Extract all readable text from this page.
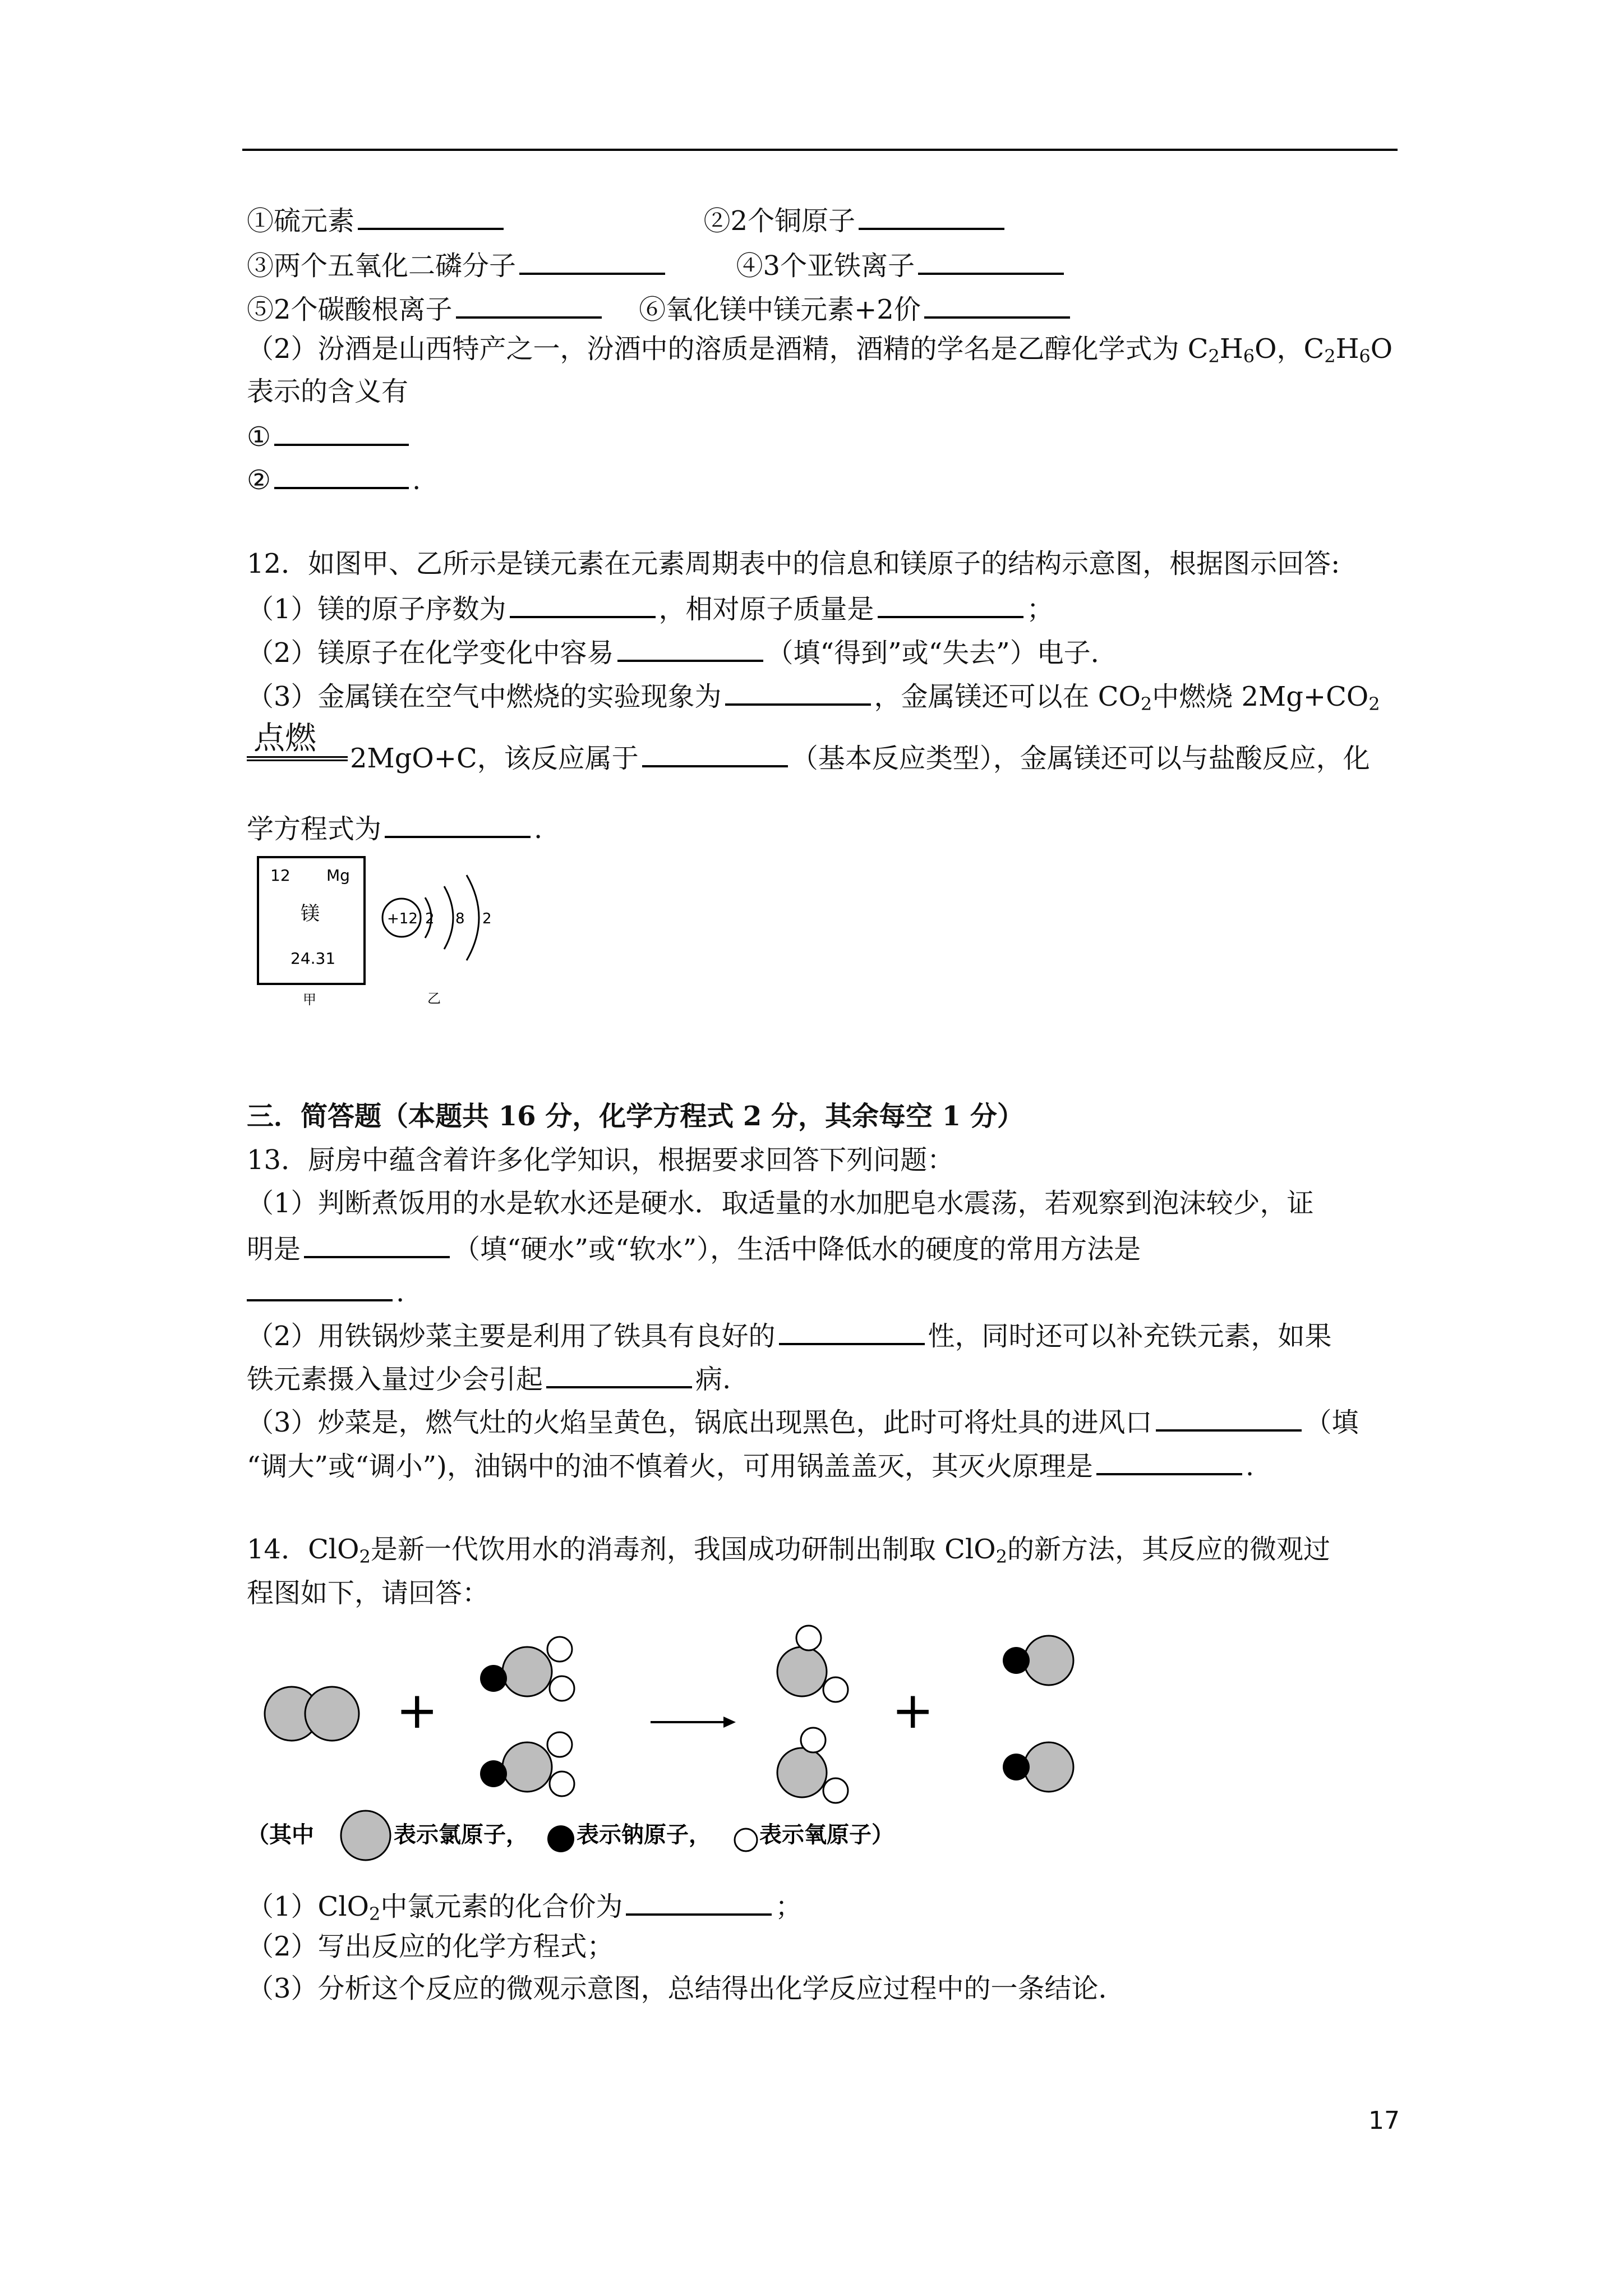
①硫元素	②2个铜原子
③两个五氧化二磷分子	④3个亚铁离子
⑤2个碳酸根离子	⑥氧化镁中镁元素+2价
（2）汾酒是山西特产之一，汾酒中的溶质是酒精，酒精的学名是乙醇化学式为 $C_2H_6O$，$C_2H_6O$
表示的含义有
①
②	.
12．如图甲、乙所示是镁元素在元素周期表中的信息和镁原子的结构示意图，根据图示回答:
（1）镁的原子序数为	，相对原子质量是	；
（2）镁原子在化学变化中容易	（填“得到”或“失去”）电子．
（3）金属镁在空气中燃烧的实验现象为	，金属镁还可以在 $CO_2$中燃烧 $2Mg+CO_2$
点燃
2MgO+C，该反应属于	（基本反应类型），金属镁还可以与盐酸反应，化
学方程式为	.
12 Mg
镁
24.31
甲
+12 2 8 2
乙
三．简答题（本题共 16 分，化学方程式 2 分，其余每空 1 分）
13．厨房中蕴含着许多化学知识，根据要求回答下列问题：
（1）判断煮饭用的水是软水还是硬水．取适量的水加肥皂水震荡，若观察到泡沫较少，证
明是	（填“硬水”或“软水”），生活中降低水的硬度的常用方法是
.
（2）用铁锅炒菜主要是利用了铁具有良好的	性，同时还可以补充铁元素，如果
铁元素摄入量过少会引起	病.
（3）炒菜是，燃气灶的火焰呈黄色，锅底出现黑色，此时可将灶具的进风口	（填
“调大”或“调小”)，油锅中的油不慎着火，可用锅盖盖灭，其灭火原理是	.
14．ClO$_2$是新一代饮用水的消毒剂，我国成功研制出制取 ClO$_2$的新方法，其反应的微观过
程图如下，请回答：
+	+
（其中	表示氯原子， 表示钠原子， 表示氧原子）
（1）ClO$_2$中氯元素的化合价为	；
（2）写出反应的化学方程式；
（3）分析这个反应的微观示意图，总结得出化学反应过程中的一条结论．
17
